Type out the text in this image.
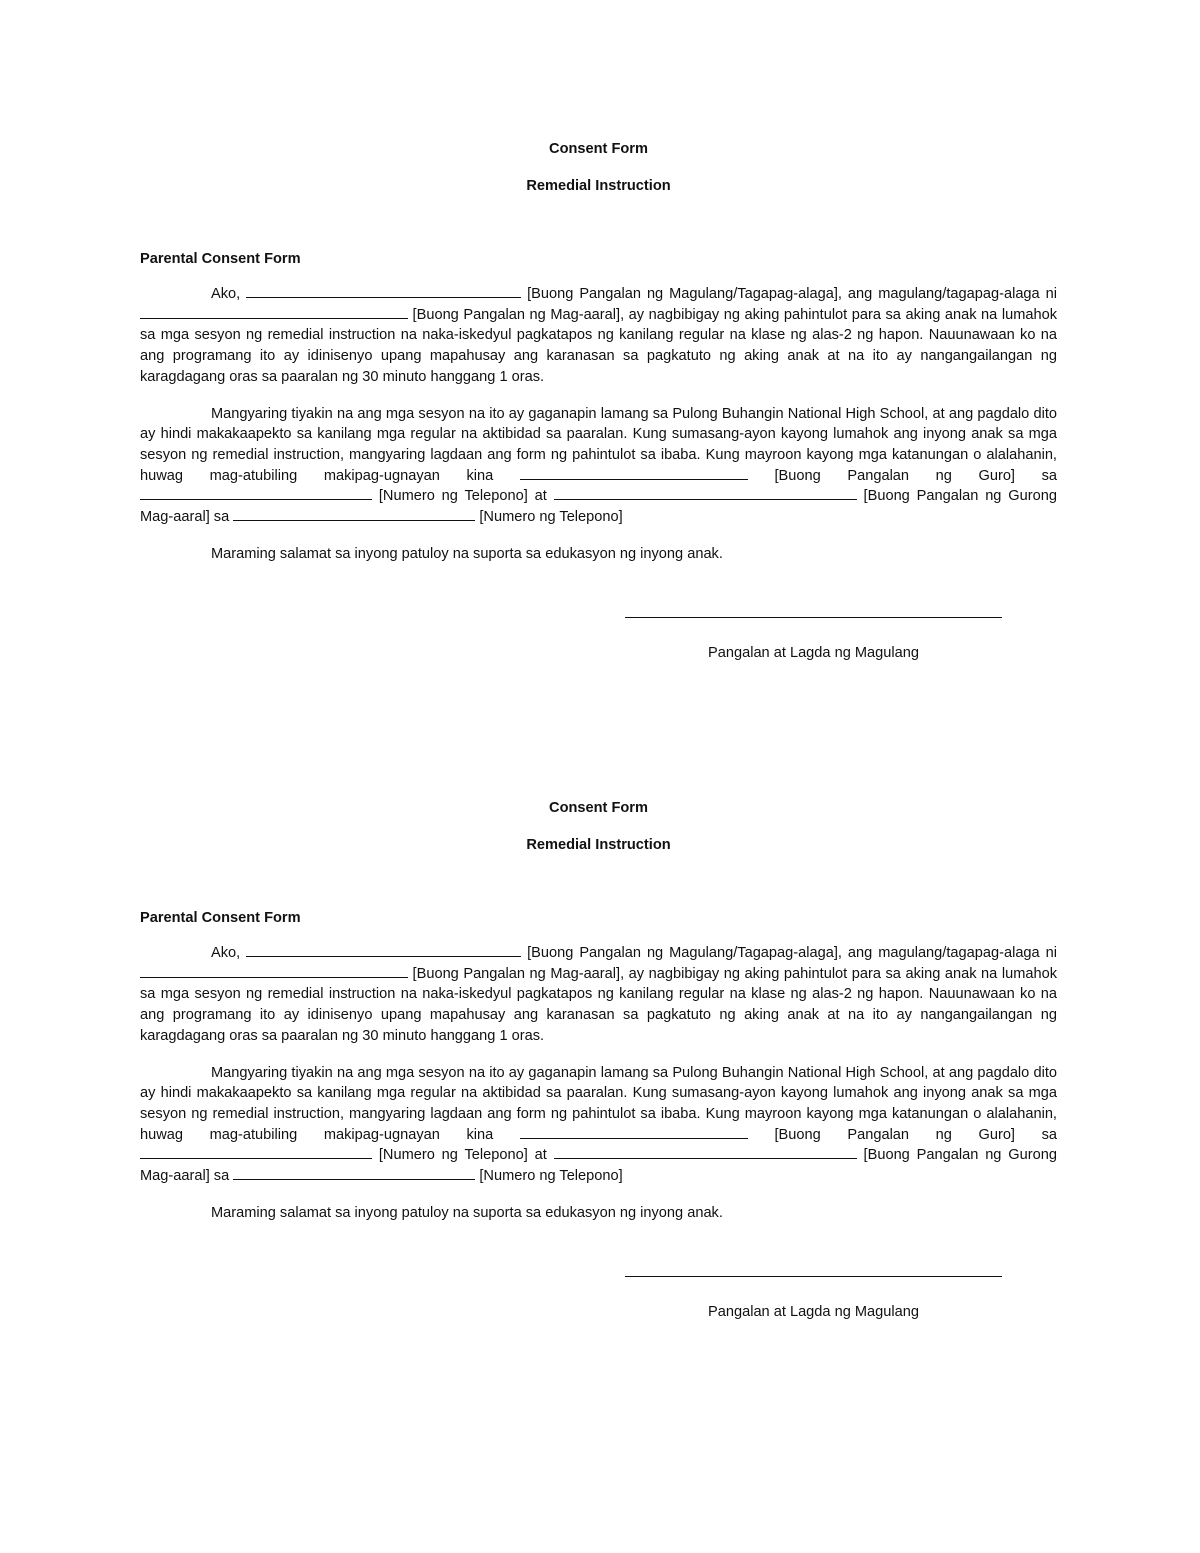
Consent Form

Remedial Instruction

Parental Consent Form

Ako,	[Buong Pangalan ng Magulang/Tagapag-alaga], ang magulang/tagapag-alaga ni  [Buong Pangalan ng Mag-aaral], ay nagbibigay ng aking pahintulot para sa aking anak na lumahok sa mga sesyon ng remedial instruction na naka-iskedyul pagkatapos ng kanilang regular na klase ng alas-2 ng hapon. Nauunawaan ko na ang programang ito ay idinisenyo upang mapahusay ang karanasan sa pagkatuto ng aking anak at na ito ay nangangailangan ng karagdagang oras sa paaralan ng 30 minuto hanggang 1 oras.

Mangyaring tiyakin na ang mga sesyon na ito ay gaganapin lamang sa Pulong Buhangin National High School, at ang pagdalo dito ay hindi makakaapekto sa kanilang mga regular na aktibidad sa paaralan. Kung sumasang-ayon kayong lumahok ang inyong anak sa mga sesyon ng remedial instruction, mangyaring lagdaan ang form ng pahintulot sa ibaba. Kung mayroon kayong mga katanungan o alalahanin, huwag mag-atubiling makipag-ugnayan kina	[Buong Pangalan ng Guro] sa  [Numero ng Telepono] at	[Buong Pangalan ng Gurong Mag-aaral] sa	[Numero ng Telepono]

Maraming salamat sa inyong patuloy na suporta sa edukasyon ng inyong anak.

Pangalan at Lagda ng Magulang

Consent Form

Remedial Instruction

Parental Consent Form

Ako,	[Buong Pangalan ng Magulang/Tagapag-alaga], ang magulang/tagapag-alaga ni  [Buong Pangalan ng Mag-aaral], ay nagbibigay ng aking pahintulot para sa aking anak na lumahok sa mga sesyon ng remedial instruction na naka-iskedyul pagkatapos ng kanilang regular na klase ng alas-2 ng hapon. Nauunawaan ko na ang programang ito ay idinisenyo upang mapahusay ang karanasan sa pagkatuto ng aking anak at na ito ay nangangailangan ng karagdagang oras sa paaralan ng 30 minuto hanggang 1 oras.

Mangyaring tiyakin na ang mga sesyon na ito ay gaganapin lamang sa Pulong Buhangin National High School, at ang pagdalo dito ay hindi makakaapekto sa kanilang mga regular na aktibidad sa paaralan. Kung sumasang-ayon kayong lumahok ang inyong anak sa mga sesyon ng remedial instruction, mangyaring lagdaan ang form ng pahintulot sa ibaba. Kung mayroon kayong mga katanungan o alalahanin, huwag mag-atubiling makipag-ugnayan kina	[Buong Pangalan ng Guro] sa  [Numero ng Telepono] at	[Buong Pangalan ng Gurong Mag-aaral] sa	[Numero ng Telepono]

Maraming salamat sa inyong patuloy na suporta sa edukasyon ng inyong anak.

Pangalan at Lagda ng Magulang
